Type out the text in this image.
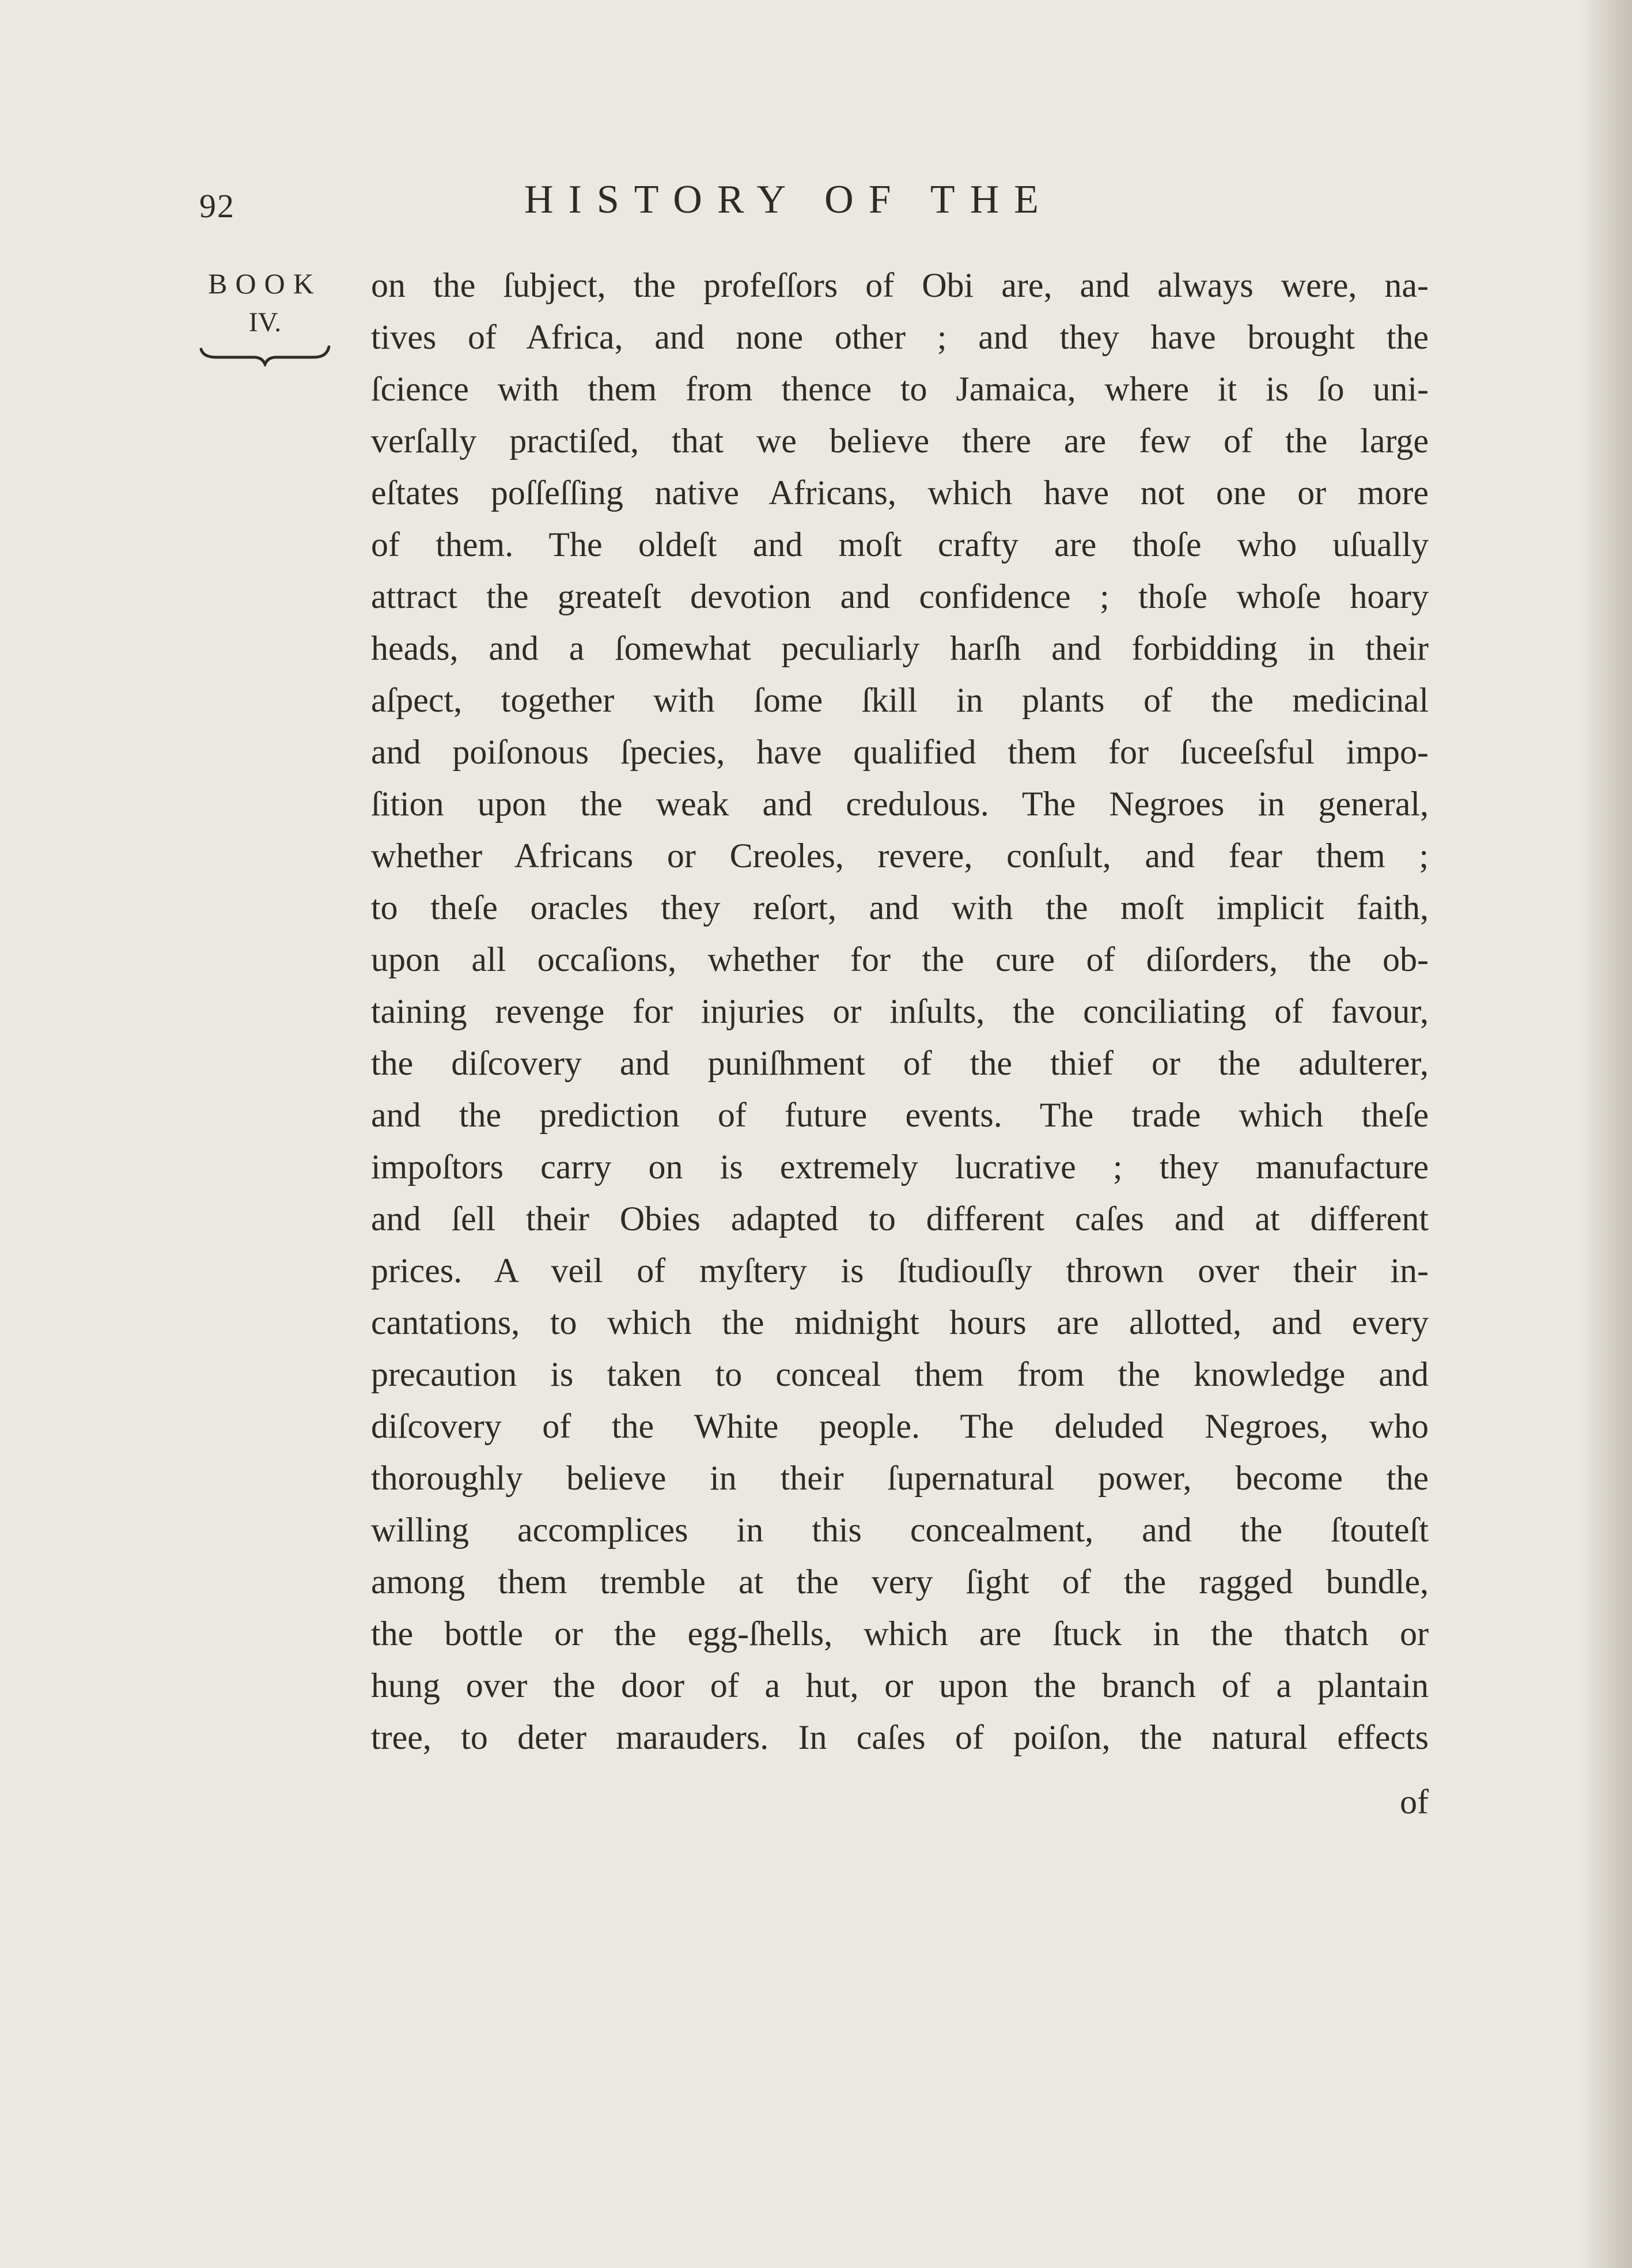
92	HISTORY OF THE
BOOK
IV.
on the ſubject, the profeſſors of Obi are, and always were, na-
tives of Africa, and none other ; and they have brought the
ſcience with them from thence to Jamaica, where it is ſo uni-
verſally practiſed, that we believe there are few of the large
eſtates poſſeſſing native Africans, which have not one or more
of them. The oldeſt and moſt crafty are thoſe who uſually
attract the greateſt devotion and confidence ; thoſe whoſe hoary
heads, and a ſomewhat peculiarly harſh and forbidding in their
aſpect, together with ſome ſkill in plants of the medicinal
and poiſonous ſpecies, have qualified them for ſuceeſsful impo-
ſition upon the weak and credulous. The Negroes in general,
whether Africans or Creoles, revere, conſult, and fear them ;
to theſe oracles they reſort, and with the moſt implicit faith,
upon all occaſions, whether for the cure of diſorders, the ob-
taining revenge for injuries or inſults, the conciliating of favour,
the diſcovery and puniſhment of the thief or the adulterer,
and the prediction of future events. The trade which theſe
impoſtors carry on is extremely lucrative ; they manufacture
and ſell their Obies adapted to different caſes and at different
prices. A veil of myſtery is ſtudiouſly thrown over their in-
cantations, to which the midnight hours are allotted, and every
precaution is taken to conceal them from the knowledge and
diſcovery of the White people. The deluded Negroes, who
thoroughly believe in their ſupernatural power, become the
willing accomplices in this concealment, and the ſtouteſt
among them tremble at the very ſight of the ragged bundle,
the bottle or the egg-ſhells, which are ſtuck in the thatch or
hung over the door of a hut, or upon the branch of a plantain
tree, to deter marauders. In caſes of poiſon, the natural effects
of
